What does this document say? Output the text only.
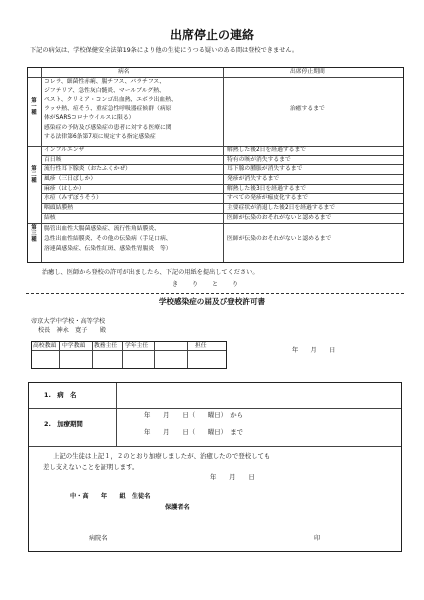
出席停止の連絡
下記の病気は、学校保健安全法第19条により他の生徒にうつる疑いのある間は登校できません。
病名	出席停止期間
第一種
コレラ、細菌性赤痢、腸チフス、パラチフス、
ジフテリア、急性灰白髄炎、マールブルグ熱、
ペスト、クリミア・コンゴ出血熱、エボラ出血熱、
ラッサ熱、痘そう、重症急性呼吸器症候群（病原
体がSARSコロナウイルスに限る）
感染症の予防及び感染症の患者に対する医療に関
する法律第6条第7項に規定する指定感染症
治癒するまで
第二種
インフルエンザ	解熱した後2日を経過するまで
百日咳	特有の咳が消失するまで
流行性耳下腺炎（おたふくかぜ）	耳下腺の腫脹が消失するまで
風疹（三日ばしか）	発疹が消失するまで
麻疹（はしか）	解熱した後3日を経過するまで
水痘（みずぼうそう）	すべての発疹が痂皮化するまで
咽頭結膜熱	主要症状が消退した後2日を経過するまで
結核	医師が伝染のおそれがないと認めるまで
第三種
腸管出血性大腸菌感染症、流行性角結膜炎、
急性出血性結膜炎、その他の伝染病（手足口病、
溶連菌感染症、伝染性紅斑、感染性胃腸炎　等）
医師が伝染のおそれがないと認めるまで
治癒し、医師から登校の許可が出ましたら、下記の用紙を提出してください。
きりとり
学校感染症の届及び登校許可書
帝京大学中学校・高等学校
校長　神永　寛子　　殿
高校教頭 中学教頭 教務主任 学年主任	担任
年　　月　　日
1.　病　名
2.　加療期間
年　　月　　日（　　曜日）　から
年　　月　　日（　　曜日）　まで
上記の生徒は上記１，２のとおり加療しましたが、治癒したので登校しても
差し支えないことを証明します。
年　　月　　日
中・高　　年　　組　生徒名
保護者名
病院名	印
